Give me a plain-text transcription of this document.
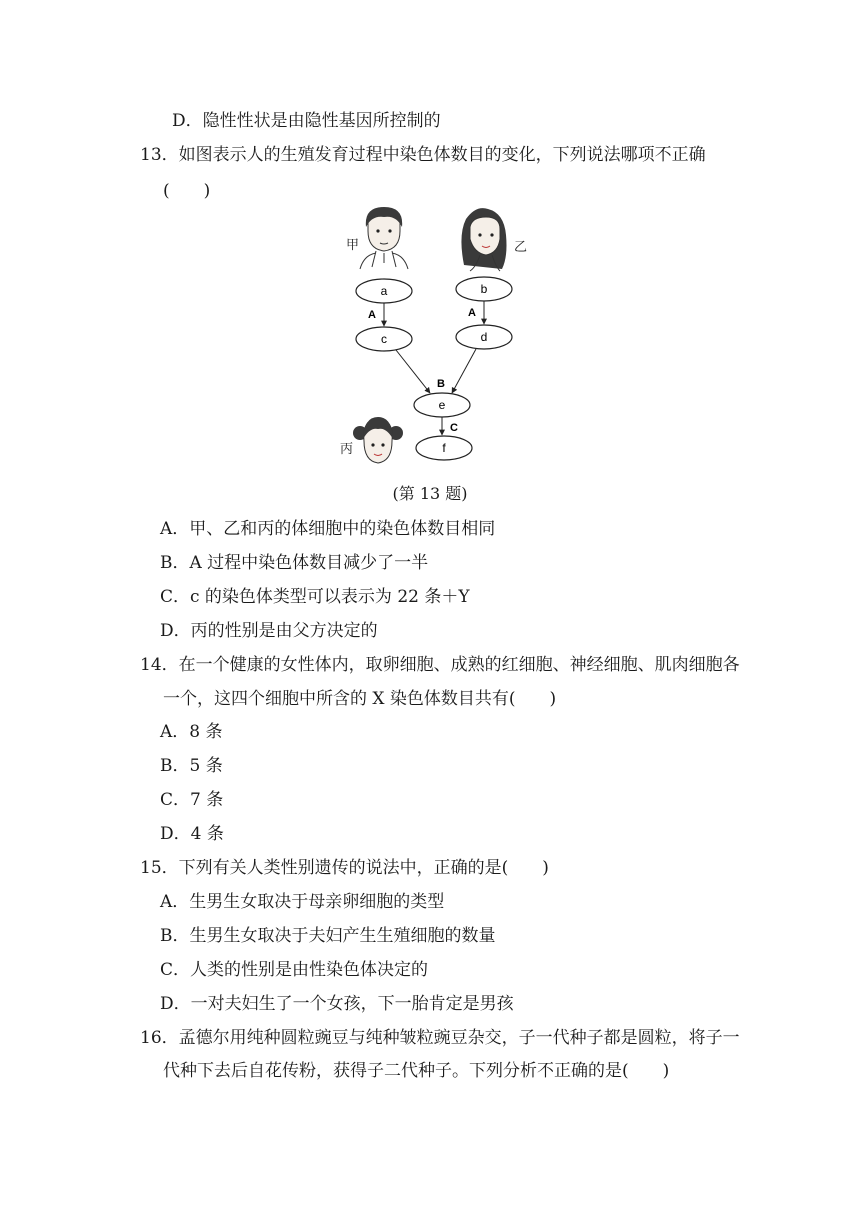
D．隐性性状是由隐性基因所控制的
13．如图表示人的生殖发育过程中染色体数目的变化，下列说法哪项不正确
(　　)
甲	乙
a	b
c	d
e
f
A	A
B
C
丙
(第 13 题)
A．甲、乙和丙的体细胞中的染色体数目相同
B．A 过程中染色体数目减少了一半
C．c 的染色体类型可以表示为 22 条＋Y
D．丙的性别是由父方决定的
14．在一个健康的女性体内，取卵细胞、成熟的红细胞、神经细胞、肌肉细胞各
一个，这四个细胞中所含的 X 染色体数目共有(　　)
A．8 条
B．5 条
C．7 条
D．4 条
15．下列有关人类性别遗传的说法中，正确的是(　　)
A．生男生女取决于母亲卵细胞的类型
B．生男生女取决于夫妇产生生殖细胞的数量
C．人类的性别是由性染色体决定的
D．一对夫妇生了一个女孩，下一胎肯定是男孩
16．孟德尔用纯种圆粒豌豆与纯种皱粒豌豆杂交，子一代种子都是圆粒，将子一
代种下去后自花传粉，获得子二代种子。下列分析不正确的是(　　)
